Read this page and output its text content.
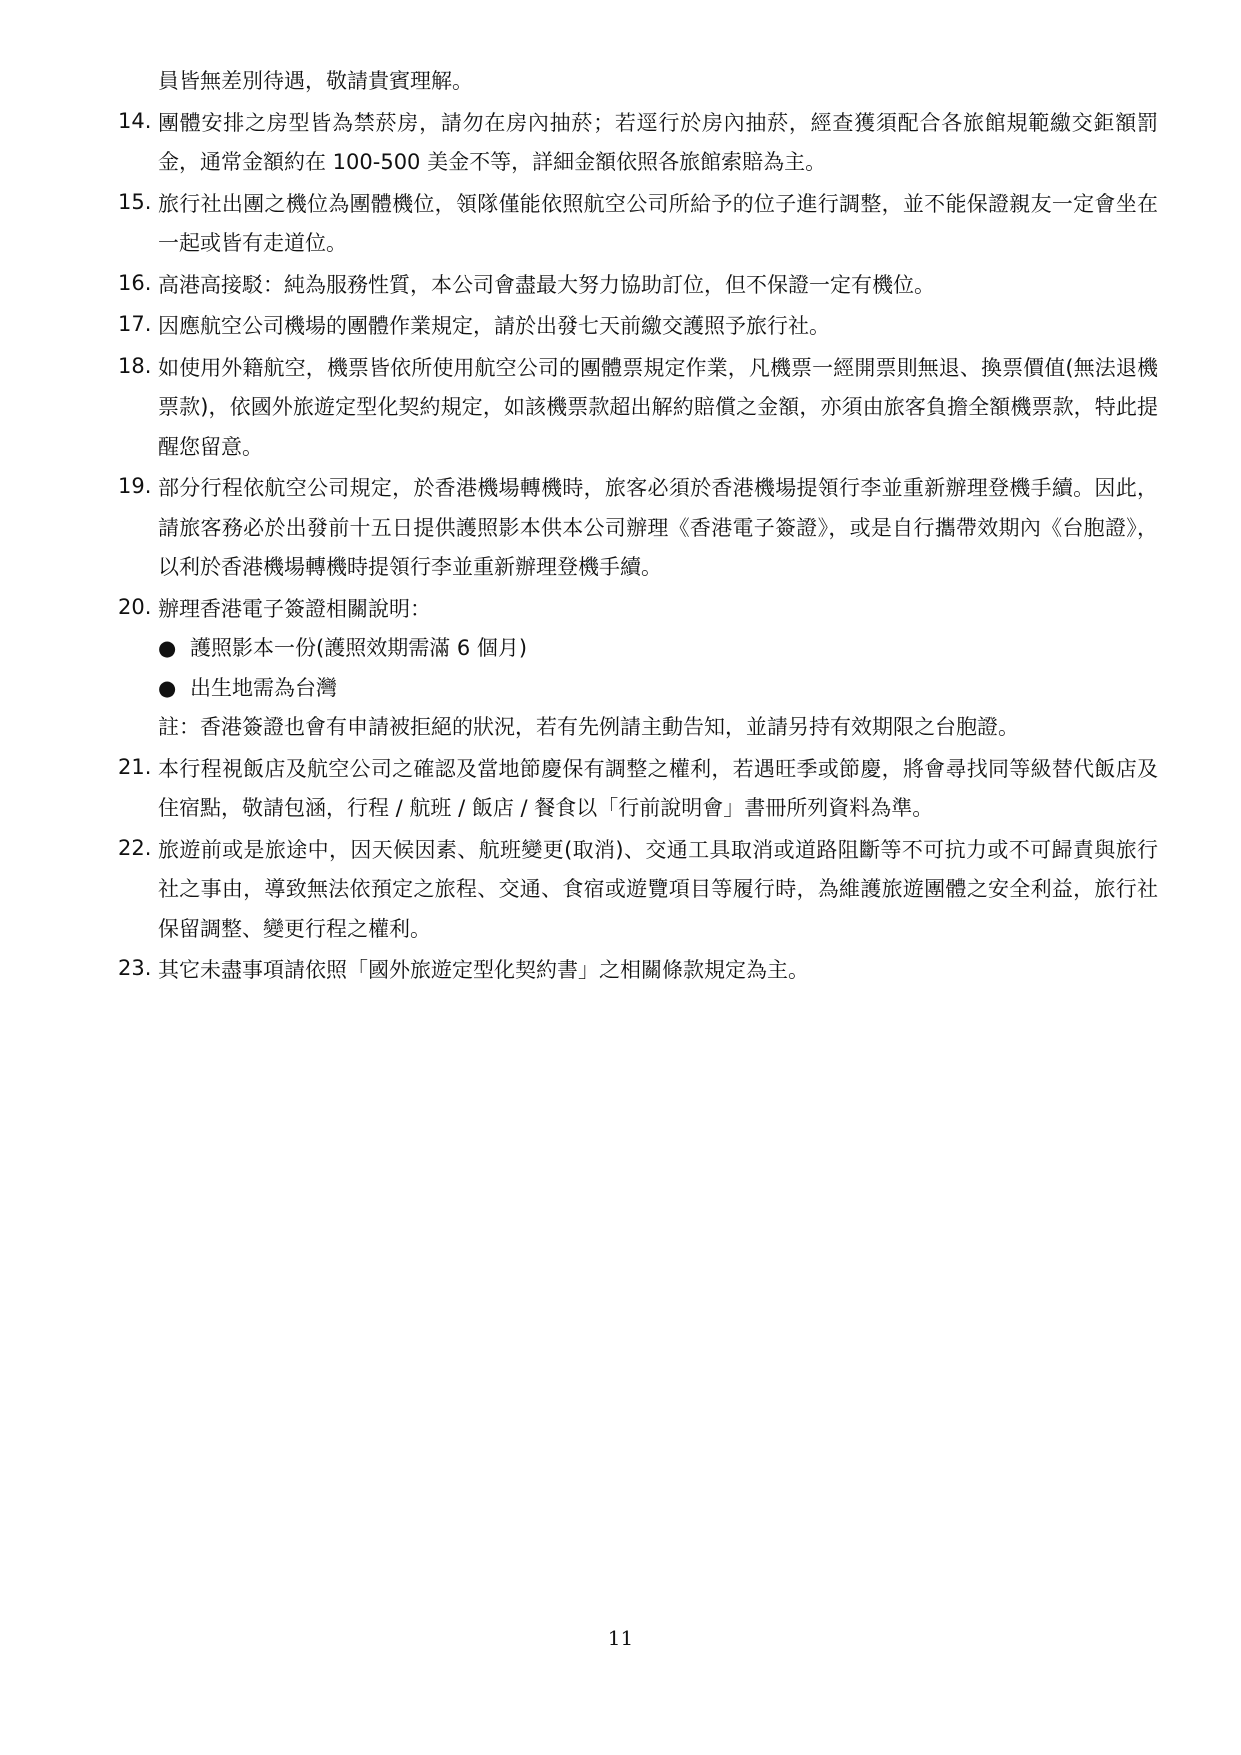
員皆無差別待遇，敬請貴賓理解。
14. 團體安排之房型皆為禁菸房，請勿在房內抽菸；若逕行於房內抽菸，經查獲須配合各旅館規範繳交鉅額罰金，通常金額約在 100-500 美金不等，詳細金額依照各旅館索賠為主。
15. 旅行社出團之機位為團體機位，領隊僅能依照航空公司所給予的位子進行調整，並不能保證親友一定會坐在一起或皆有走道位。
16. 高港高接駁：純為服務性質，本公司會盡最大努力協助訂位，但不保證一定有機位。
17. 因應航空公司機場的團體作業規定，請於出發七天前繳交護照予旅行社。
18. 如使用外籍航空，機票皆依所使用航空公司的團體票規定作業，凡機票一經開票則無退、換票價值(無法退機票款)，依國外旅遊定型化契約規定，如該機票款超出解約賠償之金額，亦須由旅客負擔全額機票款，特此提醒您留意。
19. 部分行程依航空公司規定，於香港機場轉機時，旅客必須於香港機場提領行李並重新辦理登機手續。因此，請旅客務必於出發前十五日提供護照影本供本公司辦理《香港電子簽證》，或是自行攜帶效期內《台胞證》，以利於香港機場轉機時提領行李並重新辦理登機手續。
20. 辦理香港電子簽證相關說明：
● 護照影本一份(護照效期需滿 6 個月)
● 出生地需為台灣
註：香港簽證也會有申請被拒絕的狀況，若有先例請主動告知，並請另持有效期限之台胞證。
21. 本行程視飯店及航空公司之確認及當地節慶保有調整之權利，若遇旺季或節慶，將會尋找同等級替代飯店及住宿點，敬請包涵，行程 / 航班 / 飯店 / 餐食以「行前說明會」書冊所列資料為準。
22. 旅遊前或是旅途中，因天候因素、航班變更(取消)、交通工具取消或道路阻斷等不可抗力或不可歸責與旅行社之事由，導致無法依預定之旅程、交通、食宿或遊覽項目等履行時，為維護旅遊團體之安全利益，旅行社保留調整、變更行程之權利。
23. 其它未盡事項請依照「國外旅遊定型化契約書」之相關條款規定為主。
11
